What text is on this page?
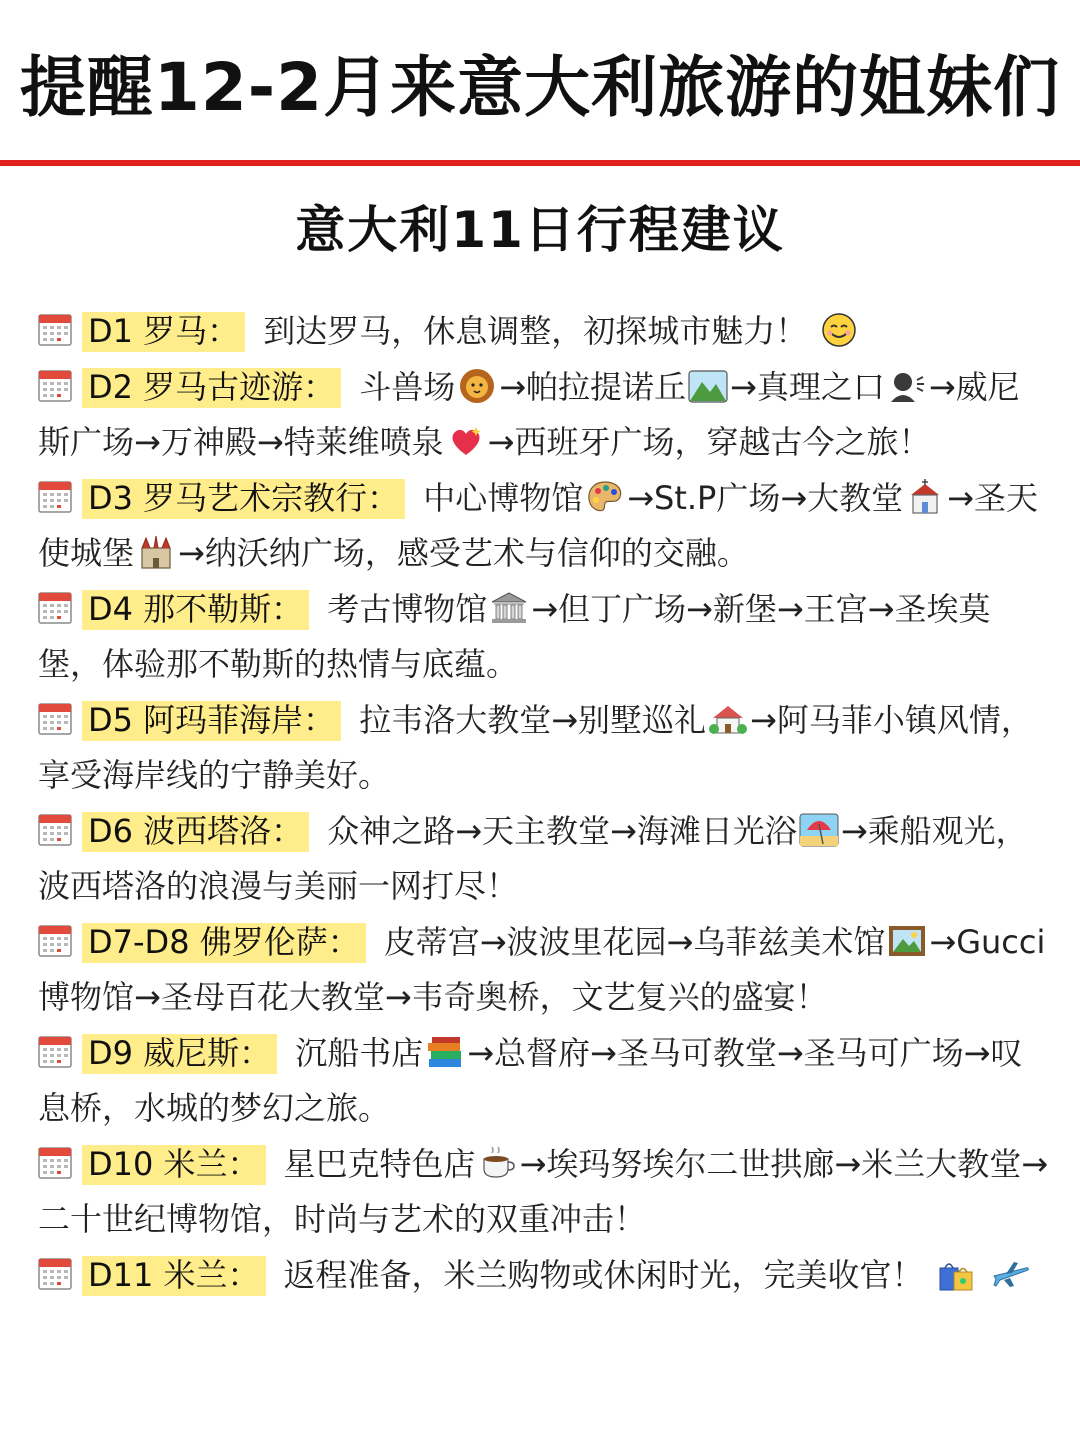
提醒12-2月来意大利旅游的姐妹们
意大利11日行程建议

D1 罗马： 到达罗马，休息调整，初探城市魅力！

D2 罗马古迹游： 斗兽场 →帕拉提诺丘 →真理之口 →威尼斯广场→万神殿→特莱维喷泉 →西班牙广场，穿越古今之旅！

D3 罗马艺术宗教行： 中心博物馆 →St.P广场→大教堂 →圣天使城堡 →纳沃纳广场，感受艺术与信仰的交融。

D4 那不勒斯： 考古博物馆 →但丁广场→新堡→王宫→圣埃莫堡，体验那不勒斯的热情与底蕴。

D5 阿玛菲海岸： 拉韦洛大教堂→别墅巡礼 →阿马菲小镇风情，享受海岸线的宁静美好。

D6 波西塔洛： 众神之路→天主教堂→海滩日光浴 →乘船观光，波西塔洛的浪漫与美丽一网打尽！

D7-D8 佛罗伦萨： 皮蒂宫→波波里花园→乌菲兹美术馆 →Gucci博物馆→圣母百花大教堂→韦奇奥桥，文艺复兴的盛宴！

D9 威尼斯： 沉船书店 →总督府→圣马可教堂→圣马可广场→叹息桥，水城的梦幻之旅。

D10 米兰： 星巴克特色店 →埃玛努埃尔二世拱廊→米兰大教堂→二十世纪博物馆，时尚与艺术的双重冲击！

D11 米兰： 返程准备，米兰购物或休闲时光，完美收官！
